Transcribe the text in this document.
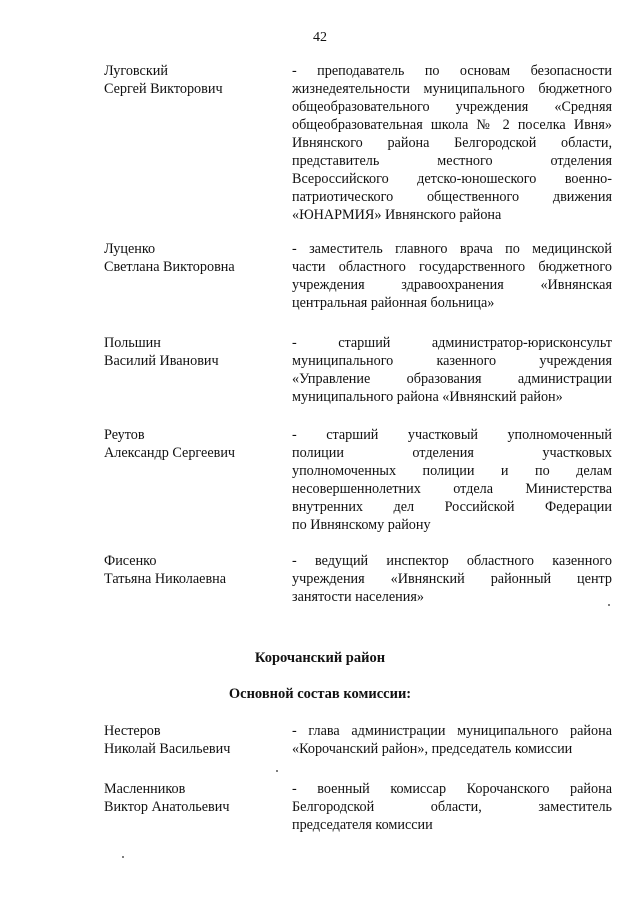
42
Луговский
Сергей Викторович
- преподаватель по основам безопасности
жизнедеятельности муниципального бюджетного
общеобразовательного учреждения «Средняя
общеобразовательная школа № 2 поселка Ивня»
Ивнянского района Белгородской области,
представитель местного отделения
Всероссийского детско-юношеского военно-
патриотического общественного движения
«ЮНАРМИЯ» Ивнянского района
Луценко
Светлана Викторовна
- заместитель главного врача по медицинской
части областного государственного бюджетного
учреждения здравоохранения «Ивнянская
центральная районная больница»
Польшин
Василий Иванович
- старший администратор-юрисконсульт
муниципального казенного учреждения
«Управление образования администрации
муниципального района «Ивнянский район»
Реутов
Александр Сергеевич
- старший участковый уполномоченный
полиции отделения участковых
уполномоченных полиции и по делам
несовершеннолетних отдела Министерства
внутренних дел Российской Федерации
по Ивнянскому району
Фисенко
Татьяна Николаевна
- ведущий инспектор областного казенного
учреждения «Ивнянский районный центр
занятости населения»
Корочанский район
Основной состав комиссии:
Нестеров
Николай Васильевич
- глава администрации муниципального района
«Корочанский район», председатель комиссии
Масленников
Виктор Анатольевич
- военный комиссар Корочанского района
Белгородской области, заместитель
председателя комиссии
